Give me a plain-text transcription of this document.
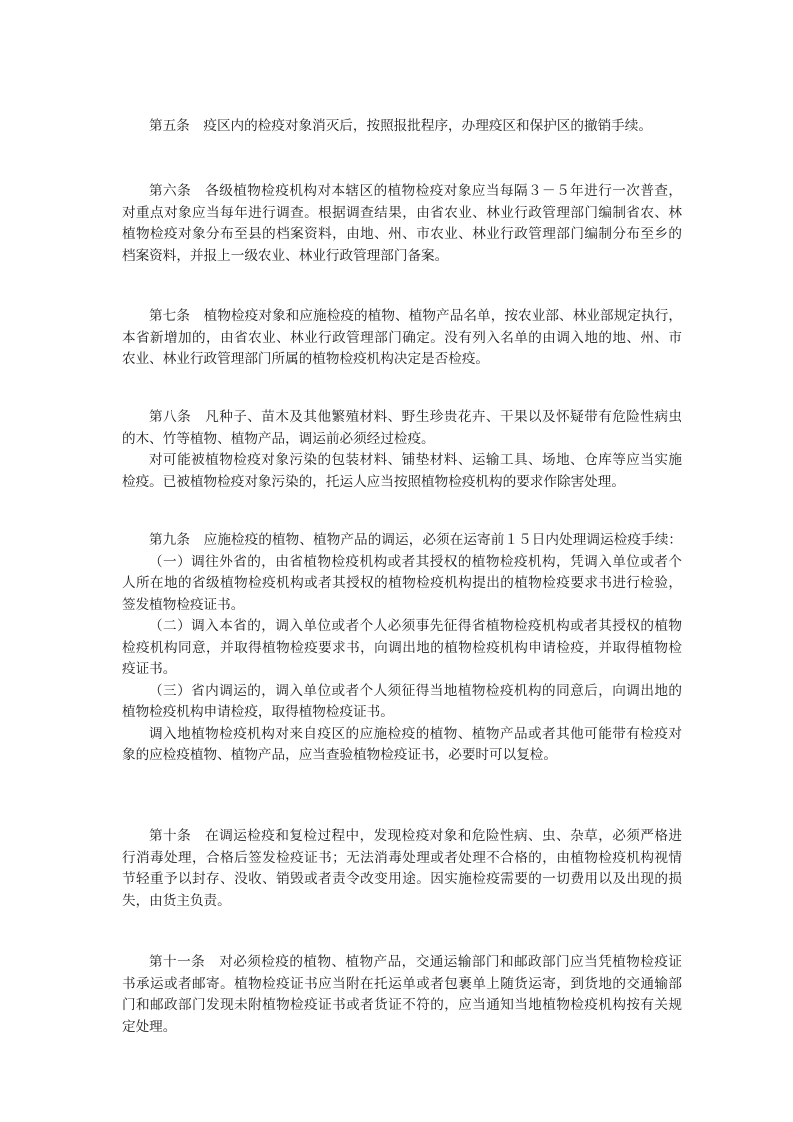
第五条　疫区内的检疫对象消灭后，按照报批程序，办理疫区和保护区的撤销手续。
第六条　各级植物检疫机构对本辖区的植物检疫对象应当每隔３－５年进行一次普查，
对重点对象应当每年进行调查。根据调查结果，由省农业、林业行政管理部门编制省农、林
植物检疫对象分布至县的档案资料，由地、州、市农业、林业行政管理部门编制分布至乡的
档案资料，并报上一级农业、林业行政管理部门备案。
第七条　植物检疫对象和应施检疫的植物、植物产品名单，按农业部、林业部规定执行，
本省新增加的，由省农业、林业行政管理部门确定。没有列入名单的由调入地的地、州、市
农业、林业行政管理部门所属的植物检疫机构决定是否检疫。
第八条　凡种子、苗木及其他繁殖材料、野生珍贵花卉、干果以及怀疑带有危险性病虫
的木、竹等植物、植物产品，调运前必须经过检疫。
对可能被植物检疫对象污染的包装材料、铺垫材料、运输工具、场地、仓库等应当实施
检疫。已被植物检疫对象污染的，托运人应当按照植物检疫机构的要求作除害处理。
第九条　应施检疫的植物、植物产品的调运，必须在运寄前１５日内处理调运检疫手续：
（一）调往外省的，由省植物检疫机构或者其授权的植物检疫机构，凭调入单位或者个
人所在地的省级植物检疫机构或者其授权的植物检疫机构提出的植物检疫要求书进行检验，
签发植物检疫证书。
（二）调入本省的，调入单位或者个人必须事先征得省植物检疫机构或者其授权的植物
检疫机构同意，并取得植物检疫要求书，向调出地的植物检疫机构申请检疫，并取得植物检
疫证书。
（三）省内调运的，调入单位或者个人须征得当地植物检疫机构的同意后，向调出地的
植物检疫机构申请检疫，取得植物检疫证书。
调入地植物检疫机构对来自疫区的应施检疫的植物、植物产品或者其他可能带有检疫对
象的应检疫植物、植物产品，应当查验植物检疫证书，必要时可以复检。
第十条　在调运检疫和复检过程中，发现检疫对象和危险性病、虫、杂草，必须严格进
行消毒处理，合格后签发检疫证书；无法消毒处理或者处理不合格的，由植物检疫机构视情
节轻重予以封存、没收、销毁或者责令改变用途。因实施检疫需要的一切费用以及出现的损
失，由货主负责。
第十一条　对必须检疫的植物、植物产品，交通运输部门和邮政部门应当凭植物检疫证
书承运或者邮寄。植物检疫证书应当附在托运单或者包裹单上随货运寄，到货地的交通输部
门和邮政部门发现未附植物检疫证书或者货证不符的，应当通知当地植物检疫机构按有关规
定处理。
